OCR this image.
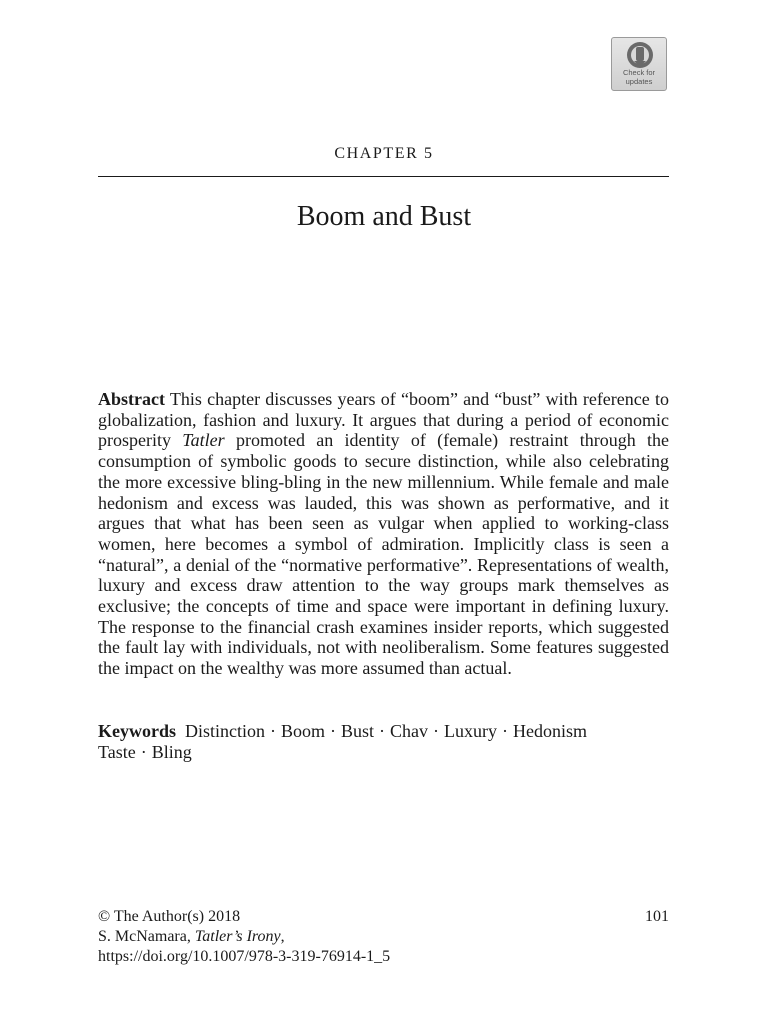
Check for
updates
CHAPTER 5
Boom and Bust
Abstract This chapter discusses years of “boom” and “bust” with reference to globalization, fashion and luxury. It argues that during a period of economic prosperity Tatler promoted an identity of (female) restraint through the consumption of symbolic goods to secure distinction, while also celebrating the more excessive bling-bling in the new millennium. While female and male hedonism and excess was lauded, this was shown as performative, and it argues that what has been seen as vulgar when applied to working-class women, here becomes a symbol of admiration. Implicitly class is seen a “natural”, a denial of the “normative performative”. Representations of wealth, luxury and excess draw attention to the way groups mark themselves as exclusive; the concepts of time and space were important in defining luxury. The response to the financial crash examines insider reports, which suggested the fault lay with individuals, not with neoliberalism. Some features suggested the impact on the wealthy was more assumed than actual.
Keywords Distinction · Boom · Bust · Chav · Luxury · Hedonism
Taste · Bling
© The Author(s) 2018
S. McNamara, Tatler’s Irony,
https://doi.org/10.1007/978-3-319-76914-1_5
101
